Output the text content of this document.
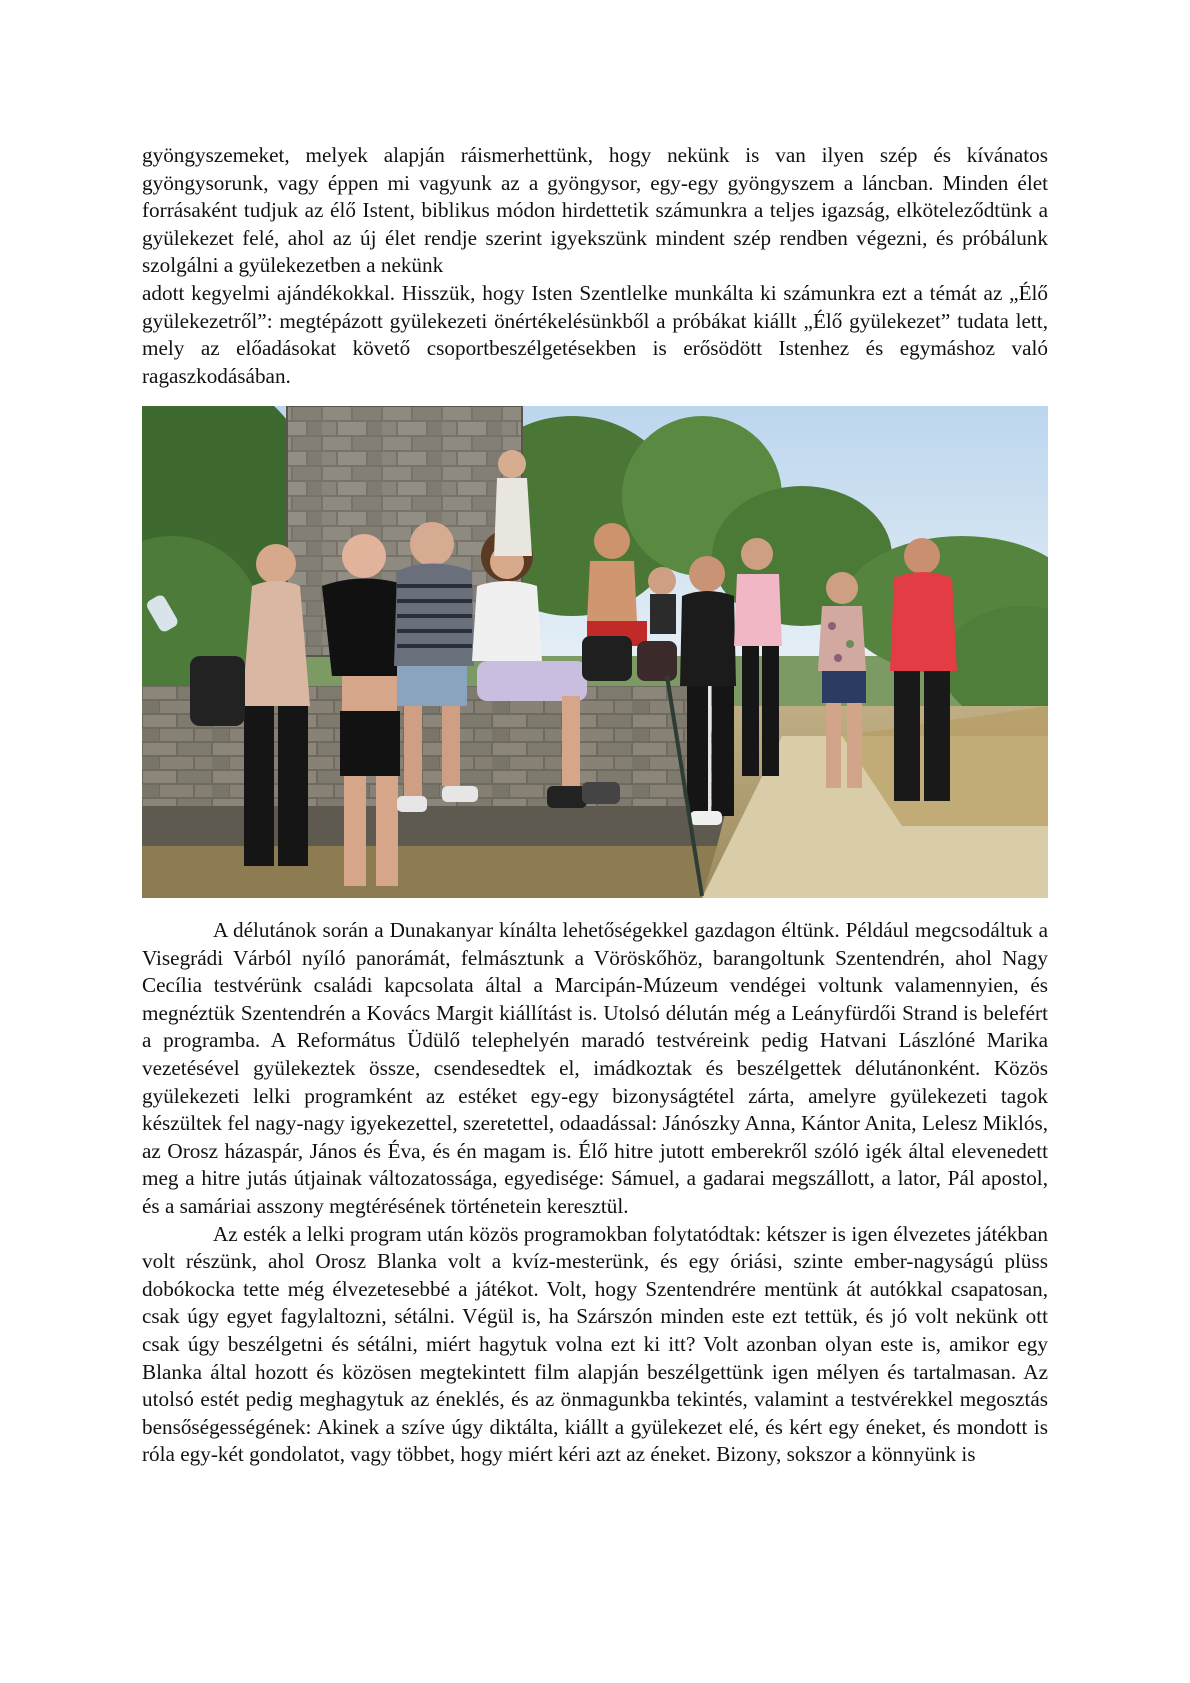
gyöngyszemeket, melyek alapján ráismerhettünk, hogy nekünk is van ilyen szép és kívánatos gyöngysorunk, vagy éppen mi vagyunk az a gyöngysor, egy-egy gyöngyszem a láncban. Minden élet forrásaként tudjuk az élő Istent, biblikus módon hirdettetik számunkra a teljes igazság, elköteleződtünk a gyülekezet felé, ahol az új élet rendje szerint igyekszünk mindent szép rendben végezni, és próbálunk szolgálni a gyülekezetben a nekünk

adott kegyelmi ajándékokkal. Hisszük, hogy Isten Szentlelke munkálta ki számunkra ezt a témát az „Élő gyülekezetről”: megtépázott gyülekezeti önértékelésünkből a próbákat kiállt „Élő gyülekezet” tudata lett, mely az előadásokat követő csoportbeszélgetésekben is erősödött Istenhez és egymáshoz való ragaszkodásában.

A délutánok során a Dunakanyar kínálta lehetőségekkel gazdagon éltünk. Például megcsodáltuk a Visegrádi Várból nyíló panorámát, felmásztunk a Vöröskőhöz, barangoltunk Szentendrén, ahol Nagy Cecília testvérünk családi kapcsolata által a Marcipán-Múzeum vendégei voltunk valamennyien, és megnéztük Szentendrén a Kovács Margit kiállítást is. Utolsó délután még a Leányfürdői Strand is belefért a programba. A Református Üdülő telephelyén maradó testvéreink pedig Hatvani Lászlóné Marika vezetésével gyülekeztek össze, csendesedtek el, imádkoztak és beszélgettek délutánonként. Közös gyülekezeti lelki programként az estéket egy-egy bizonyságtétel zárta, amelyre gyülekezeti tagok készültek fel nagy-nagy igyekezettel, szeretettel, odaadással: Jánószky Anna, Kántor Anita, Lelesz Miklós, az Orosz házaspár, János és Éva, és én magam is. Élő hitre jutott emberekről szóló igék által elevenedett meg a hitre jutás útjainak változatossága, egyedisége: Sámuel, a gadarai megszállott, a lator, Pál apostol, és a samáriai asszony megtérésének történetein keresztül.

Az esték a lelki program után közös programokban folytatódtak: kétszer is igen élvezetes játékban volt részünk, ahol Orosz Blanka volt a kvíz-mesterünk, és egy óriási, szinte ember-nagyságú plüss dobókocka tette még élvezetesebbé a játékot. Volt, hogy Szentendrére mentünk át autókkal csapatosan, csak úgy egyet fagylaltozni, sétálni. Végül is, ha Szárszón minden este ezt tettük, és jó volt nekünk ott csak úgy beszélgetni és sétálni, miért hagytuk volna ezt ki itt? Volt azonban olyan este is, amikor egy Blanka által hozott és közösen megtekintett film alapján beszélgettünk igen mélyen és tartalmasan. Az utolsó estét pedig meghagytuk az éneklés, és az önmagunkba tekintés, valamint a testvérekkel megosztás bensőségességének: Akinek a szíve úgy diktálta, kiállt a gyülekezet elé, és kért egy éneket, és mondott is róla egy-két gondolatot, vagy többet, hogy miért kéri azt az éneket. Bizony, sokszor a könnyünk is
